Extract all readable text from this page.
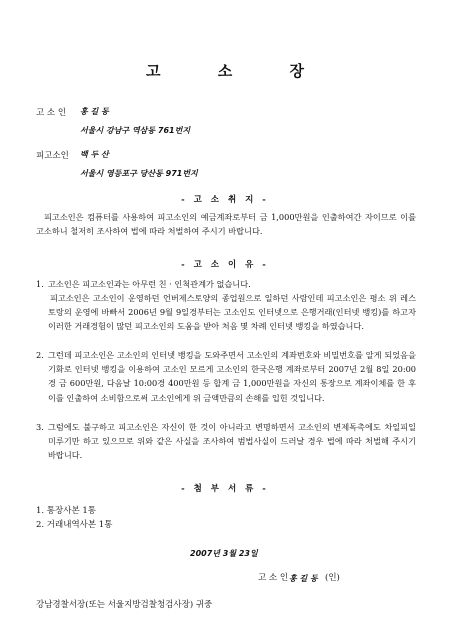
고 소 장
고 소 인 홍 길 동
서울시 강남구 역삼동 761번지
피고소인 백 두 산
서울시 영등포구 당산동 971번지
- 고 소 취 지 -
피고소인은 컴퓨터를 사용하여 피고소인의 예금계좌로부터 금 1,000만원을 인출하여간 자이므로 이를 고소하니 철저히 조사하여 법에 따라 처벌하여 주시기 바랍니다.
- 고 소 이 유 -
1. 고소인은 피고소인과는 아무런 친 · 인척관계가 없습니다.
피고소인은 고소인이 운영하던 언버제스토양의 종업원으로 일하던 사람인데 피고소인은 평소 위 레스토랑의 운영에 바빠서 2006년 9월 9일경부터는 고소인도 인터넷으로 은행거래(인터넷 뱅킹)를 하고자 이러한 거래경험이 많던 피고소인의 도움을 받아 처음 몇 차례 인터넷 뱅킹을 하였습니다.
2. 그런데 피고소인은 고소인의 인터넷 뱅킹을 도와주면서 고소인의 계좌번호와 비밀번호를 알게 되었음을 기화로 인터넷 뱅킹을 이용하여 고소인 모르게 고소인의 한국은행 계좌로부터 2007년 2월 8일 20:00경 금 600만원, 다음날 10:00경 400만원 등 합계 금 1,000만원을 자신의 통장으로 계좌이체를 한 후 이를 인출하여 소비함으로써 고소인에게 위 금액만큼의 손해를 입힌 것입니다.
3. 그럼에도 불구하고 피고소인은 자신이 한 것이 아니라고 변명하면서 고소인의 변제독촉에도 차일피일 미루기만 하고 있으므로 위와 같은 사실을 조사하여 범법사실이 드러날 경우 법에 따라 처벌해 주시기 바랍니다.
- 첨 부 서 류 -
1. 통장사본 1통
2. 거래내역사본 1통
2007년 3월 23일
고 소 인 홍 길 동 (인)
강남경찰서장(또는 서울지방검찰청검사장) 귀중
